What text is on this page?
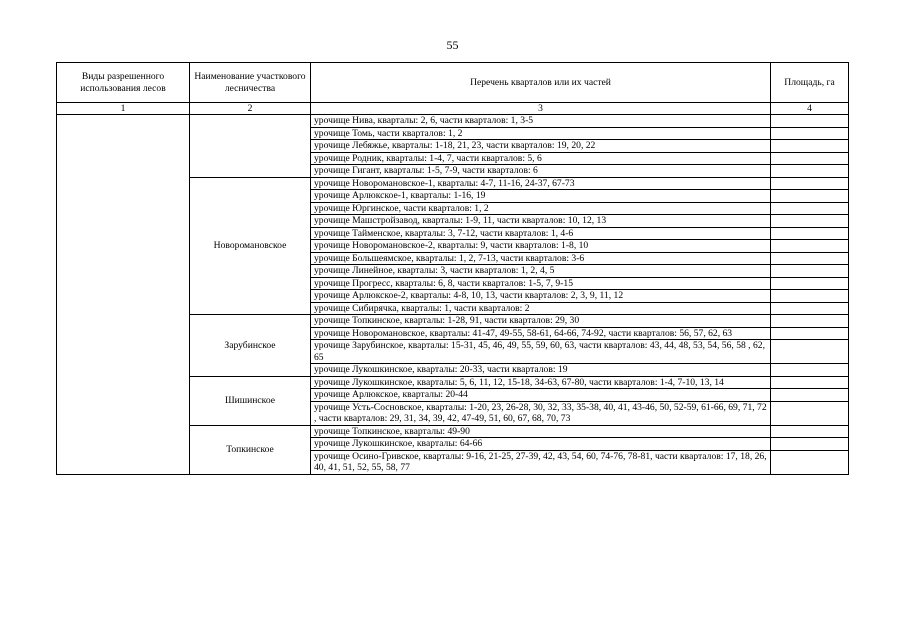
55
Виды разрешенного использования лесов	Наименование участкового лесничества	Перечень кварталов или их частей	Площадь, га
1	2	3	4
		урочище Нива, кварталы: 2, 6, части кварталов: 1, 3-5	
		урочище Томь, части кварталов: 1, 2	
		урочище Лебяжье, кварталы: 1-18, 21, 23, части кварталов: 19, 20, 22	
		урочище Родник, кварталы: 1-4, 7, части кварталов: 5, 6	
		урочище Гигант, кварталы: 1-5, 7-9, части кварталов: 6	
	Новоромановское	урочище Новоромановское-1, кварталы: 4-7, 11-16, 24-37, 67-73	
		урочище Арлюкское-1, кварталы: 1-16, 19	
		урочище Юргинское, части кварталов: 1, 2	
		урочище Машстройзавод, кварталы: 1-9, 11, части кварталов: 10, 12, 13	
		урочище Тайменское, кварталы: 3, 7-12, части кварталов: 1, 4-6	
		урочище Новоромановское-2, кварталы: 9, части кварталов: 1-8, 10	
		урочище Большеямское, кварталы: 1, 2, 7-13, части кварталов: 3-6	
		урочище Линейное, кварталы: 3, части кварталов: 1, 2, 4, 5	
		урочище Прогресс, кварталы: 6, 8, части кварталов: 1-5, 7, 9-15	
		урочище Арлюкское-2, кварталы: 4-8, 10, 13, части кварталов: 2, 3, 9, 11, 12	
		урочище Сибирячка, кварталы: 1, части кварталов: 2	
	Зарубинское	урочище Топкинское, кварталы: 1-28, 91, части кварталов: 29, 30	
		урочище Новоромановское, кварталы: 41-47, 49-55, 58-61, 64-66, 74-92, части кварталов: 56, 57, 62, 63	
		урочище Зарубинское, кварталы: 15-31, 45, 46, 49, 55, 59, 60, 63, части кварталов: 43, 44, 48, 53, 54, 56, 58 , 62, 65	
		урочище Лукошкинское, кварталы: 20-33, части кварталов: 19	
	Шишинское	урочище Лукошкинское, кварталы: 5, 6, 11, 12, 15-18, 34-63, 67-80, части кварталов: 1-4, 7-10, 13, 14	
		урочище Арлюкское, кварталы: 20-44	
		урочище Усть-Сосновское, кварталы: 1-20, 23, 26-28, 30, 32, 33, 35-38, 40, 41, 43-46, 50, 52-59, 61-66, 69, 71, 72 , части кварталов: 29, 31, 34, 39, 42, 47-49, 51, 60, 67, 68, 70, 73	
	Топкинское	урочище Топкинское, кварталы: 49-90	
		урочище Лукошкинское, кварталы: 64-66	
		урочище Осино-Гривское, кварталы: 9-16, 21-25, 27-39, 42, 43, 54, 60, 74-76, 78-81, части кварталов: 17, 18, 26, 40, 41, 51, 52, 55, 58, 77	
